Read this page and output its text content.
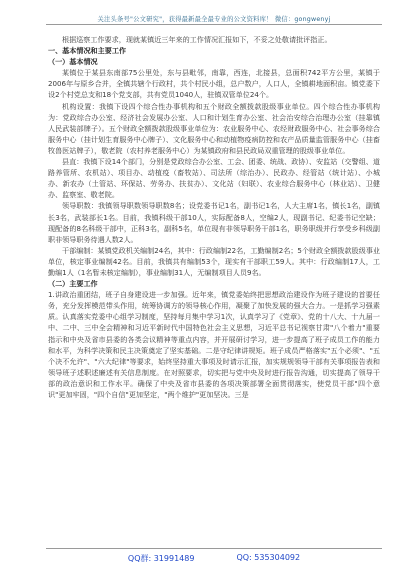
关注头条号"公文研究"，获得最新最全最专业的公文资料库！ 微信：gongwenyj

根据巡察工作要求，现就某镇近三年来的工作情况汇报如下，不妥之处敬请批评指正。

一、基本情况和主要工作

（一）基本情况

某镇位于某县东南部75公里处，东与县毗邻，南靠，西连，北接县，总面积742平方公里，某镇于2006年与原乡合并，全镇共辖个行政村，共个村民小组，总户数户，人口人，全镇耕地面积亩。镇党委下设2个村党总支和18个党支部，共有党员1040人，驻镇双管单位24个。

机构设置：我镇下设四个综合性办事机构和五个财政全额拨款股级事业单位。四个综合性办事机构为：党政综合办公室、经济社会发展办公室、人口和计划生育办公室、社会治安综合治理办公室（挂靠镇人民武装部牌子）。五个财政全额拨款股级事业单位为：农业服务中心、农经财政服务中心、社会事务综合服务中心（挂计划生育服务中心牌子）、文化服务中心和动植物疫病防控和农产品质量监管服务中心（挂畜牧兽医站牌子），敬老院（农村养老服务中心）为某镇政府和县民政局双重管理的股级事业单位。

县直：我镇下设14个部门，分别是党政综合办公室、工会、团委、统战、政协）、安监站（交警组、道路养管所、农机站）、项目办、动植疫（畜牧站）、司法所（综治办）、民政办、经管站（统计站）、小城办、新农办（土管站、环保站、劳务办、扶贫办）、文化站（妇联）、农业综合服务中心（林业站）、卫健办、监察室、敬老院。

领导职数：我镇领导职数领导职数8名；设党委书记1名，副书记1名，人大主席1名，镇长1名，副镇长3名，武装部长1名。目前，我镇科级干部10人，实际配备8人，空编2人，现副书记、纪委书记空缺；现配备的8名科级干部中，正科3名，副科5名，单位现有非领导职务干部1名，职务职级并行享受乡科级副职非领导职务待遇人数2人。

干部编制：某镇党政机关编制24名，其中：行政编制22名，工勤编制2名；5个财政全额拨款股级事业单位，核定事业编制42名。目前，我镇共有编制53个，现实有干部职工59人。其中：行政编制17人，工勤编1人（1名暂未核定编制），事业编制31人，无编制项目人员9名。

（二）主要工作

1.讲政治重团结，班子自身建设进一步加强。近年来，镇党委始终把思想政治建设作为班子建设的首要任务，充分发挥模范带头作用，统筹协调方的领导核心作用，凝聚了加快发展的强大合力。一是抓学习强素质。认真落实党委中心组学习制度，坚持每月集中学习1次，认真学习了《党章》、党的十八大、十九届一中、二中、三中全会精神和习近平新时代中国特色社会主义思想，习近平总书记视察甘肃"八个着力"重要指示和中央及省市县委的各类会议精神等重点内容，并开展研讨学习，进一步提高了班子成员工作的能力和水平，为科学决策和民主决策奠定了坚实基础。二是守纪律讲规矩。班子成员严格落实"五个必须"、"五个决不允许"、"六大纪律"等要求，始终坚持重大事项及时请示汇报，加实规规领导干部有关事项报告表和领导班子述职述廉述有关信息制度。在对照要求，切实把与党中央及时进行报告沟通，切实提高了领导干部的政治意识和工作水平。确保了中央及省市县委的各项决策部署全面贯彻落实，使党员干部"四个意识"更加牢固，"四个自信"更加坚定，"两个维护"更加坚决。三是

QQ群: 31991489	QQ: 535304092
